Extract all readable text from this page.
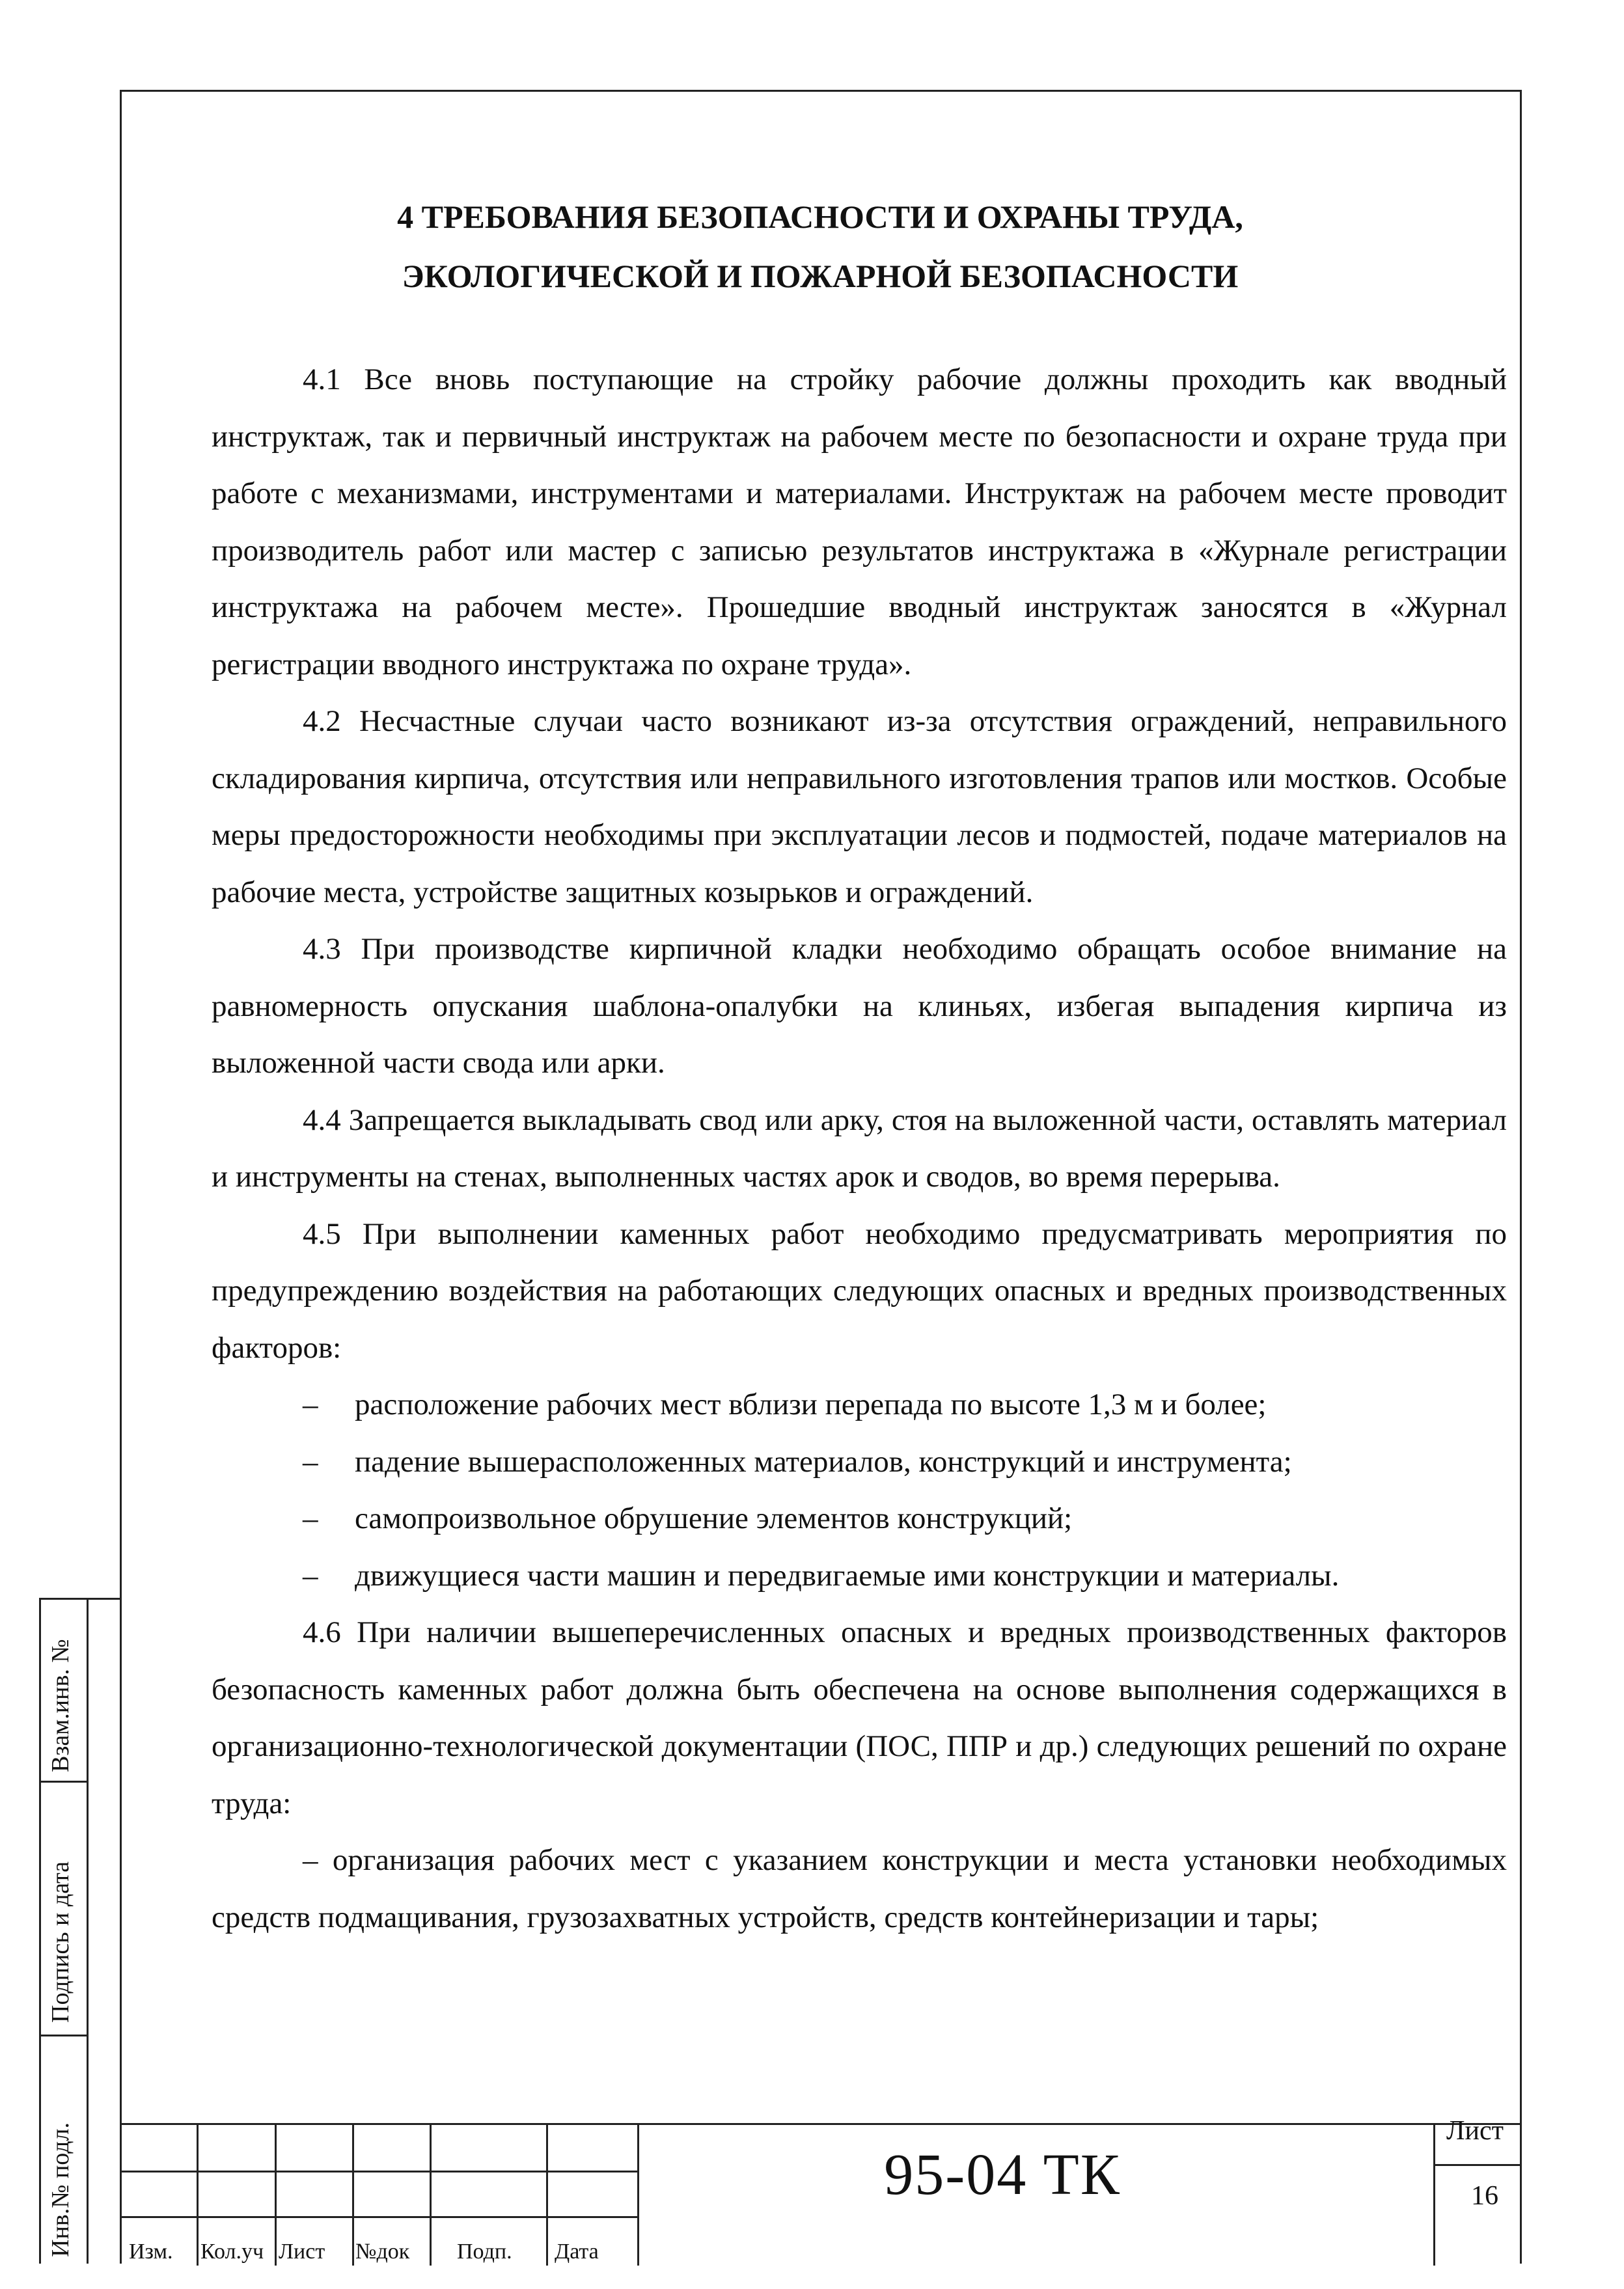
4 ТРЕБОВАНИЯ БЕЗОПАСНОСТИ И ОХРАНЫ ТРУДА,
ЭКОЛОГИЧЕСКОЙ И ПОЖАРНОЙ БЕЗОПАСНОСТИ

4.1 Все вновь поступающие на стройку рабочие должны проходить как вводный инструктаж, так и первичный инструктаж на рабочем месте по безопасности и охране труда при работе с механизмами, инструментами и материалами. Инструктаж на рабочем месте проводит производитель работ или мастер с записью результатов инструктажа в «Журнале регистрации инструктажа на рабочем месте». Прошедшие вводный инструктаж заносятся в «Журнал регистрации вводного инструктажа по охране труда».

4.2 Несчастные случаи часто возникают из-за отсутствия ограждений, неправильного складирования кирпича, отсутствия или неправильного изготовления трапов или мостков. Особые меры предосторожности необходимы при эксплуатации лесов и подмостей, подаче материалов на рабочие места, устройстве защитных козырьков и ограждений.

4.3 При производстве кирпичной кладки необходимо обращать особое внимание на равномерность опускания шаблона-опалубки на клиньях, избегая выпадения кирпича из выложенной части свода или арки.

4.4 Запрещается выкладывать свод или арку, стоя на выложенной части, оставлять материал и инструменты на стенах, выполненных частях арок и сводов, во время перерыва.

4.5 При выполнении каменных работ необходимо предусматривать мероприятия по предупреждению воздействия на работающих следующих опасных и вредных производственных факторов:

– расположение рабочих мест вблизи перепада по высоте 1,3 м и более;

– падение вышерасположенных материалов, конструкций и инструмента;

– самопроизвольное обрушение элементов конструкций;

– движущиеся части машин и передвигаемые ими конструкции и материалы.

4.6 При наличии вышеперечисленных опасных и вредных производственных факторов безопасность каменных работ должна быть обеспечена на основе выполнения содержащихся в организационно-технологической документации (ПОС, ППР и др.) следующих решений по охране труда:

– организация рабочих мест с указанием конструкции и места установки необходимых средств подмащивания, грузозахватных устройств, средств контейнеризации и тары;

Взам.инв. №
Подпись и дата
Инв.№ подл. Изм. Кол.уч Лист №док Подп. Дата
95-04 ТК
Лист
16
